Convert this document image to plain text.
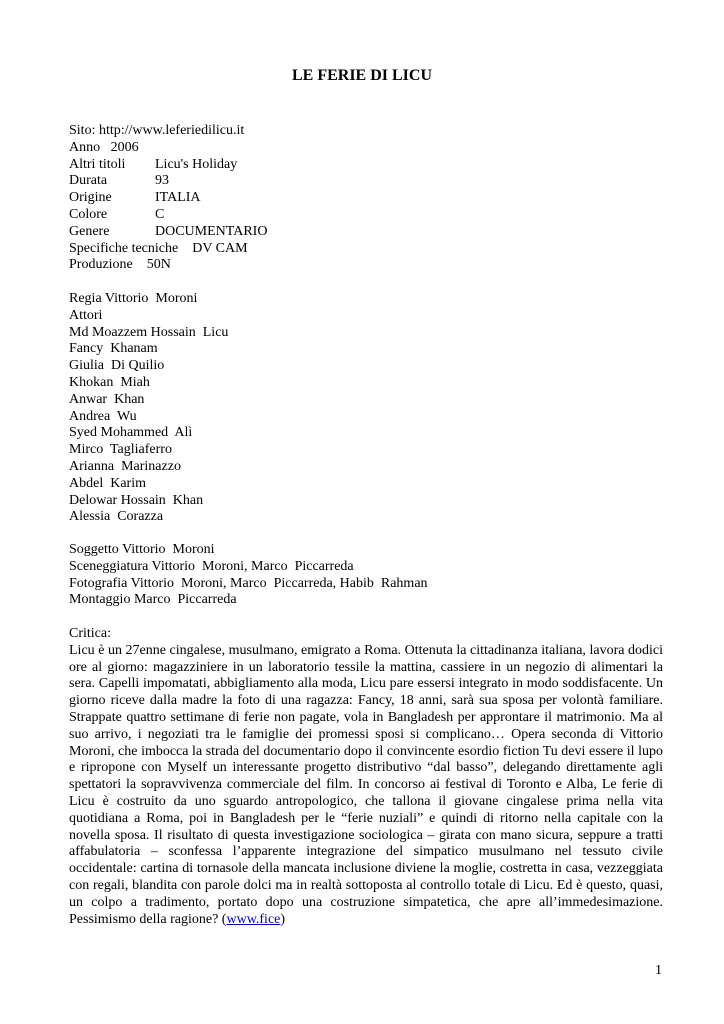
LE FERIE DI LICU
Sito: http://www.leferiedilicu.it
Anno   2006
Altri titoli Licu's Holiday
Durata	93
Origine	ITALIA
Colore	C
Genere	DOCUMENTARIO
Specifiche tecniche    DV CAM
Produzione    50N
Regia Vittorio  Moroni
Attori
Md Moazzem Hossain  Licu
Fancy  Khanam
Giulia  Di Quilio
Khokan  Miah
Anwar  Khan
Andrea  Wu
Syed Mohammed  Alì
Mirco  Tagliaferro
Arianna  Marinazzo
Abdel  Karim
Delowar Hossain  Khan
Alessia  Corazza
Soggetto Vittorio  Moroni
Sceneggiatura Vittorio  Moroni, Marco  Piccarreda
Fotografia Vittorio  Moroni, Marco  Piccarreda, Habib  Rahman
Montaggio Marco  Piccarreda
Critica:
Licu è un 27enne cingalese, musulmano, emigrato a Roma. Ottenuta la cittadinanza italiana, lavora dodici ore al giorno: magazziniere in un laboratorio tessile la mattina, cassiere in un negozio di alimentari la sera. Capelli impomatati, abbigliamento alla moda, Licu pare essersi integrato in modo soddisfacente. Un giorno riceve dalla madre la foto di una ragazza: Fancy, 18 anni, sarà sua sposa per volontà familiare. Strappate quattro settimane di ferie non pagate, vola in Bangladesh per approntare il matrimonio. Ma al suo arrivo, i negoziati tra le famiglie dei promessi sposi si complicano… Opera seconda di Vittorio Moroni, che imbocca la strada del documentario dopo il convincente esordio fiction Tu devi essere il lupo e ripropone con Myself un interessante progetto distributivo “dal basso”, delegando direttamente agli spettatori la sopravvivenza commerciale del film. In concorso ai festival di Toronto e Alba, Le ferie di Licu è costruito da uno sguardo antropologico, che tallona il giovane cingalese prima nella vita quotidiana a Roma, poi in Bangladesh per le “ferie nuziali” e quindi di ritorno nella capitale con la novella sposa. Il risultato di questa investigazione sociologica – girata con mano sicura, seppure a tratti affabulatoria – sconfessa l’apparente integrazione del simpatico musulmano nel tessuto civile occidentale: cartina di tornasole della mancata inclusione diviene la moglie, costretta in casa, vezzeggiata con regali, blandita con parole dolci ma in realtà sottoposta al controllo totale di Licu. Ed è questo, quasi, un colpo a tradimento, portato dopo una costruzione simpatetica, che apre all’immedesimazione. Pessimismo della ragione? (www.fice)
1
